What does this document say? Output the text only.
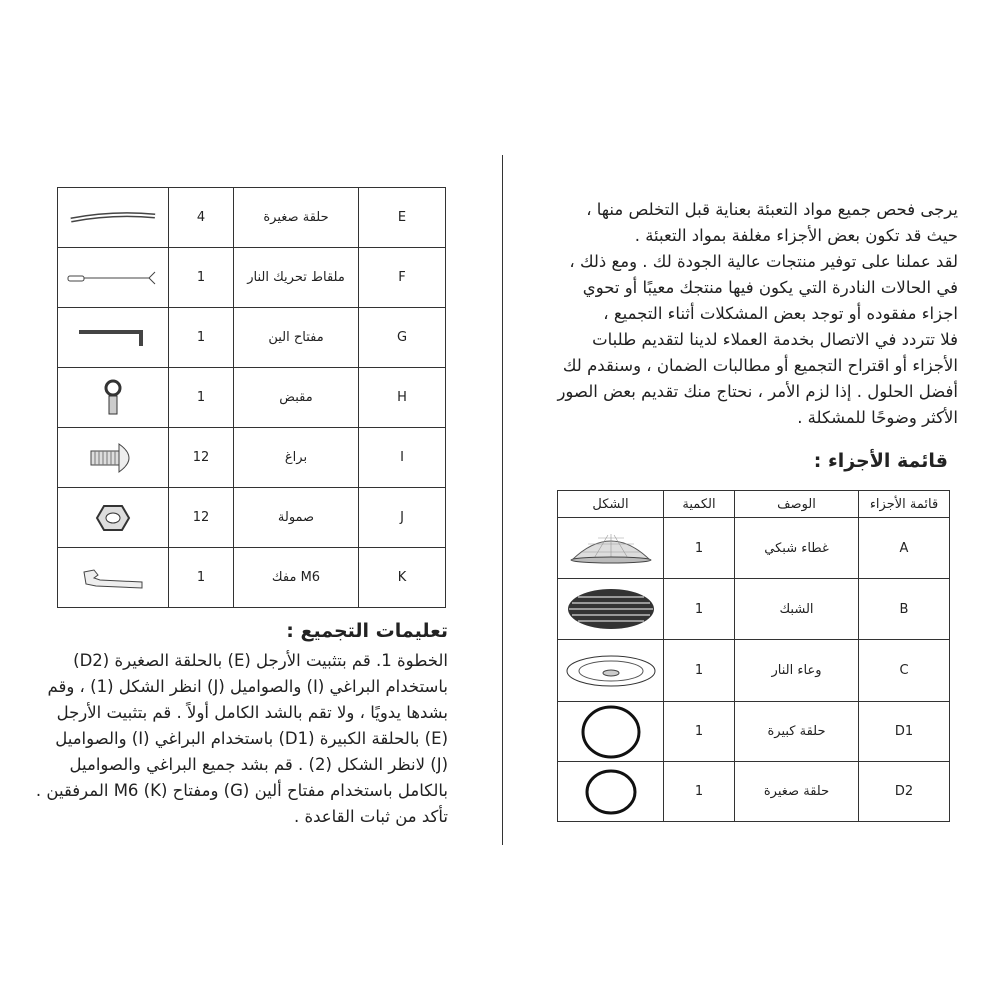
يرجى فحص جميع مواد التعبئة بعناية قبل التخلص منها ،
حيث قد تكون بعض الأجزاء مغلفة بمواد التعبئة .
لقد عملنا على توفير منتجات عالية الجودة لك . ومع ذلك ،
في الحالات النادرة التي يكون فيها منتجك معيبًا أو تحوي
اجزاء مفقوده أو توجد بعض المشكلات أثناء التجميع ،
فلا تتردد في الاتصال بخدمة العملاء لدينا لتقديم طلبات
الأجزاء أو اقتراح التجميع أو مطالبات الضمان ، وسنقدم لك
أفضل الحلول . إذا لزم الأمر ، نحتاج منك تقديم بعض الصور
الأكثر وضوحًا للمشكلة .
قائمة الأجزاء :
قائمة الأجزاء	الوصف	الكمية	الشكل
A	غطاء شبكي	1	

B	الشبك	1	

C	وعاء النار	1	

D1	حلقة كبيرة	1	

D2	حلقة صغيرة	1	
E	حلقة صغيرة	4	

F	ملقاط تحريك النار	1	

G	مفتاح الين	1	

H	مقبض	1	

I	براغ	12	

J	صمولة	12	

K	M6 مفك	1	
تعليمات التجميع :
الخطوة 1. قم بتثبيت الأرجل (E) بالحلقة الصغيرة (D2)
باستخدام البراغي (I) والصواميل (J) انظر الشكل (1) ، وقم
بشدها يدويًا ، ولا تقم بالشد الكامل أولاً . قم بتثبيت الأرجل
(E) بالحلقة الكبيرة (D1) باستخدام البراغي (I) والصواميل
(J) لانظر الشكل (2) . قم بشد جميع البراغي والصواميل
بالكامل باستخدام مفتاح ألين (G) ومفتاح (K) M6 المرفقين .
تأكد من ثبات القاعدة .
